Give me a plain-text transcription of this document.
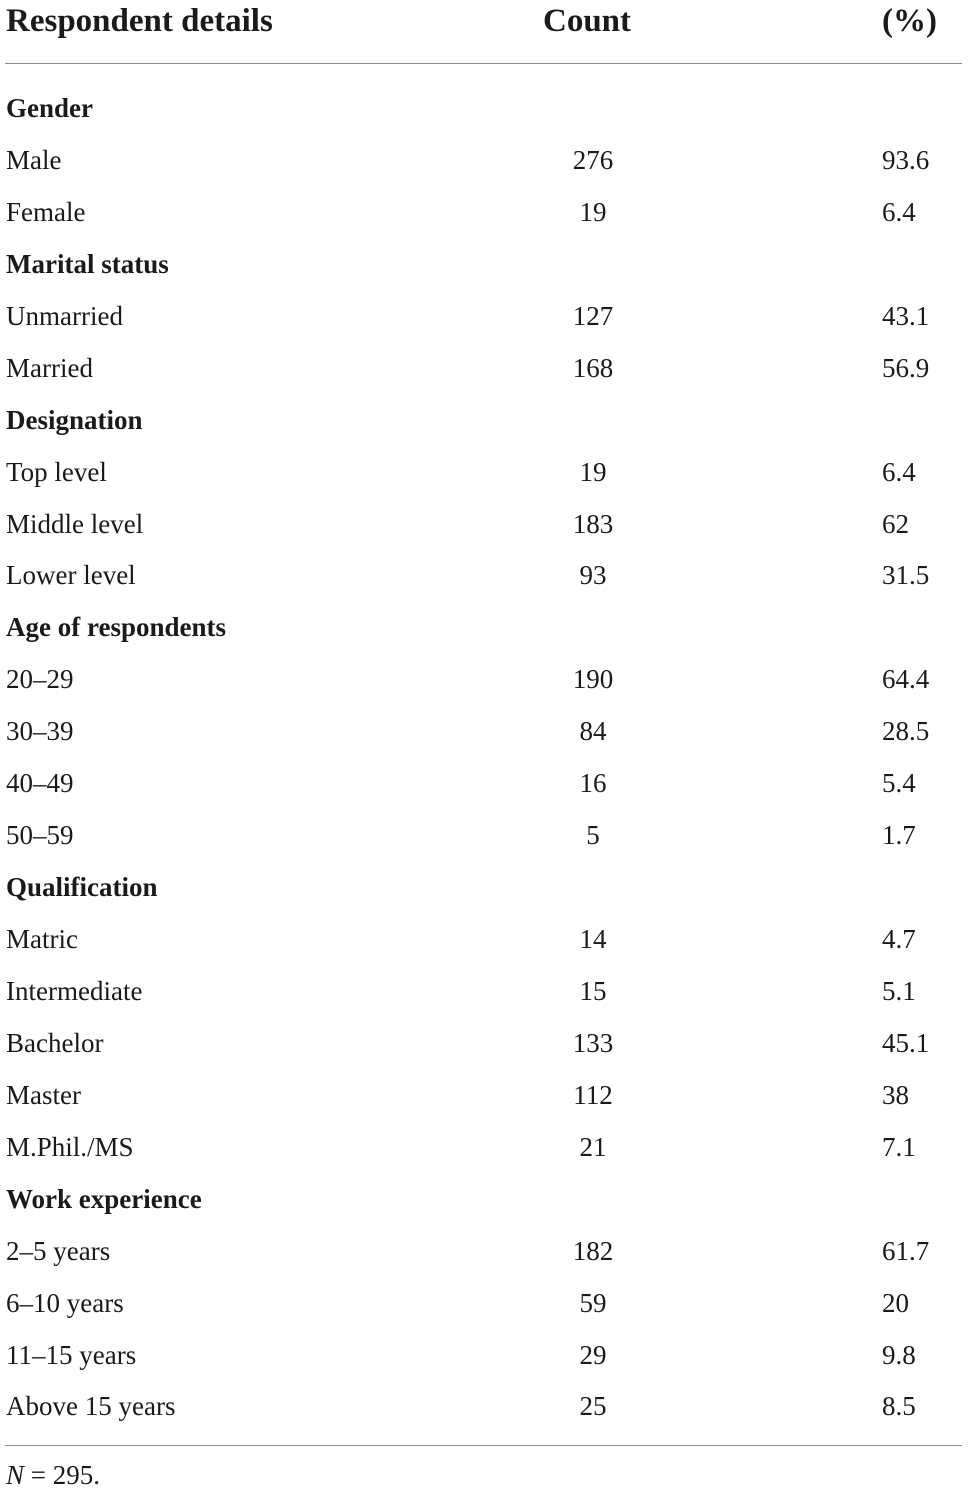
Respondent details	Count	(%)
Gender
Male	276	93.6
Female	19	6.4
Marital status
Unmarried	127	43.1
Married	168	56.9
Designation
Top level	19	6.4
Middle level	183	62
Lower level	93	31.5
Age of respondents
20–29	190	64.4
30–39	84	28.5
40–49	16	5.4
50–59	5	1.7
Qualification
Matric	14	4.7
Intermediate	15	5.1
Bachelor	133	45.1
Master	112	38
M.Phil./MS	21	7.1
Work experience
2–5 years	182	61.7
6–10 years	59	20
11–15 years	29	9.8
Above 15 years	25	8.5
N = 295.
